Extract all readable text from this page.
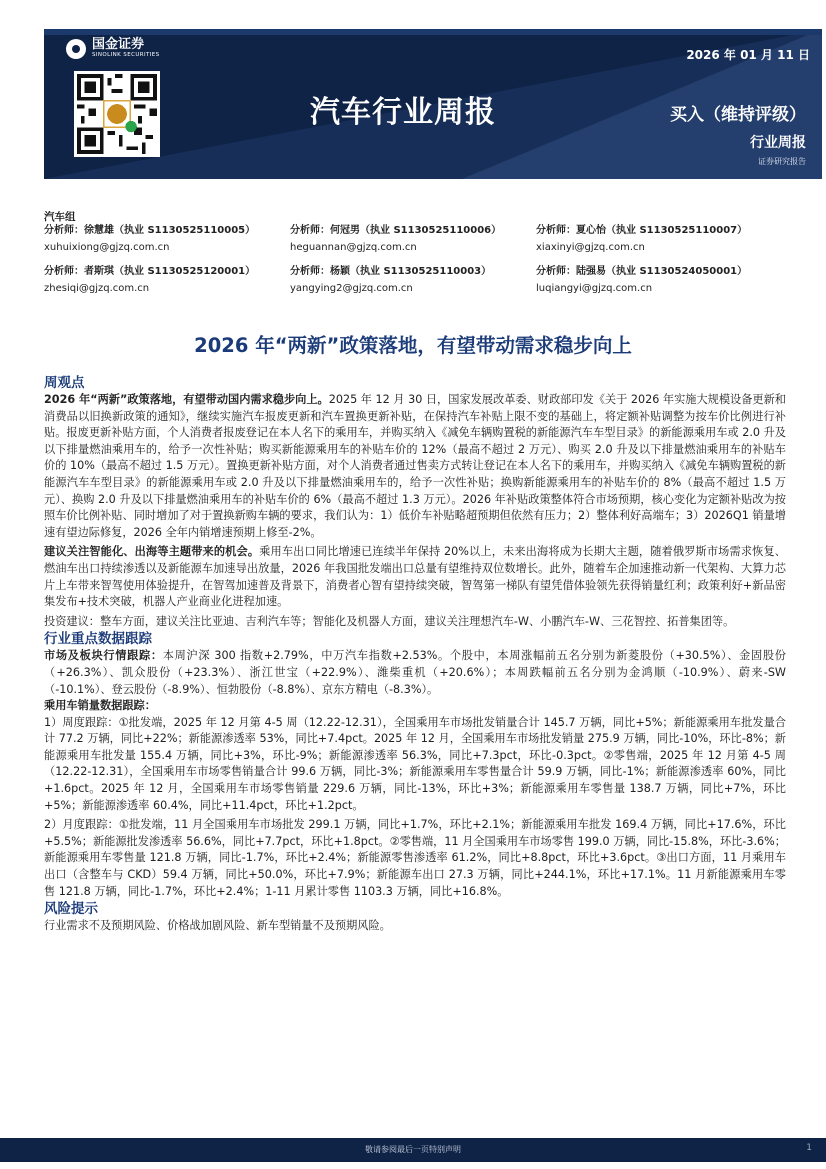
国金证券
SINOLINK SECURITIES	2026 年 01 月 11 日
汽车行业周报	买入（维持评级）
行业周报
证券研究报告
汽车组
分析师：徐慧雄（执业 S1130525110005）
xuhuixiong@gjzq.com.cn
分析师：何冠男（执业 S1130525110006）
heguannan@gjzq.com.cn
分析师：夏心怡（执业 S1130525110007）
xiaxinyi@gjzq.com.cn
分析师：者斯琪（执业 S1130525120001）
zhesiqi@gjzq.com.cn
分析师：杨颖（执业 S1130525110003）
yangying2@gjzq.com.cn
分析师：陆强易（执业 S1130524050001）
luqiangyi@gjzq.com.cn
2026 年“两新”政策落地，有望带动需求稳步向上
周观点

2026 年“两新”政策落地，有望带动国内需求稳步向上。2025 年 12 月 30 日，国家发展改革委、财政部印发《关于 2026 年实施大规模设备更新和消费品以旧换新政策的通知》，继续实施汽车报废更新和汽车置换更新补贴，在保持汽车补贴上限不变的基础上，将定额补贴调整为按车价比例进行补贴。报废更新补贴方面，个人消费者报废登记在本人名下的乘用车，并购买纳入《减免车辆购置税的新能源汽车车型目录》的新能源乘用车或 2.0 升及以下排量燃油乘用车的，给予一次性补贴；购买新能源乘用车的补贴车价的 12%（最高不超过 2 万元）、购买 2.0 升及以下排量燃油乘用车的补贴车价的 10%（最高不超过 1.5 万元）。置换更新补贴方面，对个人消费者通过售卖方式转让登记在本人名下的乘用车，并购买纳入《减免车辆购置税的新能源汽车车型目录》的新能源乘用车或 2.0 升及以下排量燃油乘用车的，给予一次性补贴；换购新能源乘用车的补贴车价的 8%（最高不超过 1.5 万元）、换购 2.0 升及以下排量燃油乘用车的补贴车价的 6%（最高不超过 1.3 万元）。2026 年补贴政策整体符合市场预期，核心变化为定额补贴改为按照车价比例补贴、同时增加了对于置换新购车辆的要求，我们认为：1）低价车补贴略超预期但依然有压力；2）整体利好高端车；3）2026Q1 销量增速有望边际修复，2026 全年内销增速预期上修至-2%。

建议关注智能化、出海等主题带来的机会。乘用车出口同比增速已连续半年保持 20%以上，未来出海将成为长期大主题，随着俄罗斯市场需求恢复、燃油车出口持续渗透以及新能源车加速导出放量，2026 年我国批发端出口总量有望维持双位数增长。此外，随着车企加速推动新一代架构、大算力芯片上车带来智驾使用体验提升，在智驾加速普及背景下，消费者心智有望持续突破，智驾第一梯队有望凭借体验领先获得销量红利；政策利好+新品密集发布+技术突破，机器人产业商业化进程加速。

投资建议：整车方面，建议关注比亚迪、吉利汽车等；智能化及机器人方面，建议关注理想汽车-W、小鹏汽车-W、三花智控、拓普集团等。

行业重点数据跟踪

市场及板块行情跟踪：本周沪深 300 指数+2.79%，中万汽车指数+2.53%。个股中，本周涨幅前五名分别为新菱股份（+30.5%）、金固股份（+26.3%）、凯众股份（+23.3%）、浙江世宝（+22.9%）、潍柴重机（+20.6%）；本周跌幅前五名分别为金鸿顺（-10.9%）、蔚来-SW（-10.1%）、登云股份（-8.9%）、恒勃股份（-8.8%）、京东方精电（-8.3%）。

乘用车销量数据跟踪：

1）周度跟踪：①批发端，2025 年 12 月第 4-5 周（12.22-12.31），全国乘用车市场批发销量合计 145.7 万辆，同比+5%；新能源乘用车批发量合计 77.2 万辆，同比+22%；新能源渗透率 53%，同比+7.4pct。2025 年 12 月，全国乘用车市场批发销量 275.9 万辆，同比-10%，环比-8%；新能源乘用车批发量 155.4 万辆，同比+3%，环比-9%；新能源渗透率 56.3%，同比+7.3pct，环比-0.3pct。②零售端，2025 年 12 月第 4-5 周（12.22-12.31），全国乘用车市场零售销量合计 99.6 万辆，同比-3%；新能源乘用车零售量合计 59.9 万辆，同比-1%；新能源渗透率 60%，同比+1.6pct。2025 年 12 月，全国乘用车市场零售销量 229.6 万辆，同比-13%，环比+3%；新能源乘用车零售量 138.7 万辆，同比+7%，环比+5%；新能源渗透率 60.4%，同比+11.4pct，环比+1.2pct。

2）月度跟踪：①批发端，11 月全国乘用车市场批发 299.1 万辆，同比+1.7%，环比+2.1%；新能源乘用车批发 169.4 万辆，同比+17.6%，环比+5.5%；新能源批发渗透率 56.6%，同比+7.7pct，环比+1.8pct。②零售端，11 月全国乘用车市场零售 199.0 万辆，同比-15.8%，环比-3.6%；新能源乘用车零售量 121.8 万辆，同比-1.7%，环比+2.4%；新能源零售渗透率 61.2%，同比+8.8pct，环比+3.6pct。③出口方面，11 月乘用车出口（含整车与 CKD）59.4 万辆，同比+50.0%，环比+7.9%；新能源车出口 27.3 万辆，同比+244.1%，环比+17.1%。11 月新能源乘用车零售 121.8 万辆，同比-1.7%，环比+2.4%；1-11 月累计零售 1103.3 万辆，同比+16.8%。

风险提示

行业需求不及预期风险、价格战加剧风险、新车型销量不及预期风险。

敬请参阅最后一页特别声明	1
